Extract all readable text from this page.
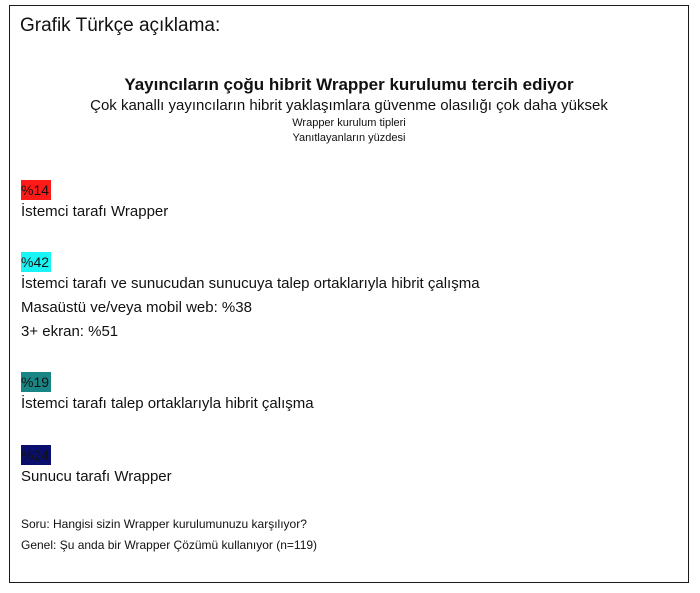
Grafik Türkçe açıklama:
Yayıncıların çoğu hibrit Wrapper kurulumu tercih ediyor
Çok kanallı yayıncıların hibrit yaklaşımlara güvenme olasılığı çok daha yüksek
Wrapper kurulum tipleri
Yanıtlayanların yüzdesi
%14
İstemci tarafı Wrapper
%42
İstemci tarafı ve sunucudan sunucuya talep ortaklarıyla hibrit çalışma
Masaüstü ve/veya mobil web: %38
3+ ekran: %51
%19
İstemci tarafı talep ortaklarıyla hibrit çalışma
%24
Sunucu tarafı Wrapper
Soru: Hangisi sizin Wrapper kurulumunuzu karşılıyor?
Genel: Şu anda bir Wrapper Çözümü kullanıyor (n=119)
